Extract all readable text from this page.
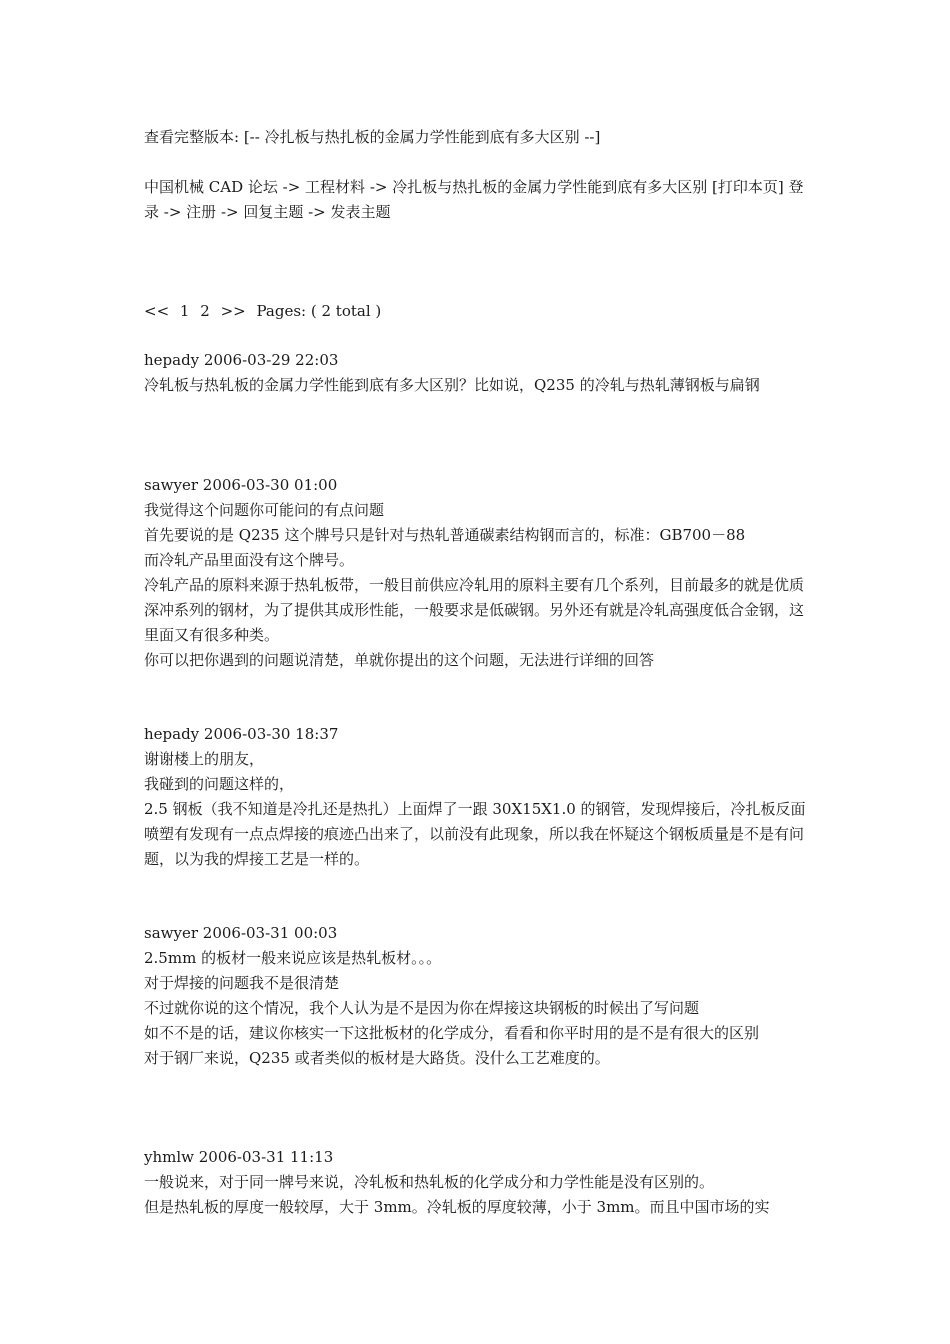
查看完整版本: [-- 冷扎板与热扎板的金属力学性能到底有多大区别 --]
中国机械 CAD 论坛 -> 工程材料 -> 冷扎板与热扎板的金属力学性能到底有多大区别 [打印本页] 登录 -> 注册 -> 回复主题 -> 发表主题
<< 1 2 >> Pages: ( 2 total )
hepady 2006-03-29 22:03
冷轧板与热轧板的金属力学性能到底有多大区别？比如说，Q235 的冷轧与热轧薄钢板与扁钢
sawyer 2006-03-30 01:00
我觉得这个问题你可能问的有点问题
首先要说的是 Q235 这个牌号只是针对与热轧普通碳素结构钢而言的，标准：GB700－88
而冷轧产品里面没有这个牌号。
冷轧产品的原料来源于热轧板带，一般目前供应冷轧用的原料主要有几个系列，目前最多的就是优质深冲系列的钢材，为了提供其成形性能，一般要求是低碳钢。另外还有就是冷轧高强度低合金钢，这里面又有很多种类。
你可以把你遇到的问题说清楚，单就你提出的这个问题，无法进行详细的回答
hepady 2006-03-30 18:37
谢谢楼上的朋友，
我碰到的问题这样的，
2.5 钢板（我不知道是冷扎还是热扎）上面焊了一跟 30X15X1.0 的钢管，发现焊接后，冷扎板反面喷塑有发现有一点点焊接的痕迹凸出来了，以前没有此现象，所以我在怀疑这个钢板质量是不是有问题，以为我的焊接工艺是一样的。
sawyer 2006-03-31 00:03
2.5mm 的板材一般来说应该是热轧板材。。。
对于焊接的问题我不是很清楚
不过就你说的这个情况，我个人认为是不是因为你在焊接这块钢板的时候出了写问题
如不不是的话，建议你核实一下这批板材的化学成分，看看和你平时用的是不是有很大的区别
对于钢厂来说，Q235 或者类似的板材是大路货。没什么工艺难度的。
yhmlw 2006-03-31 11:13
一般说来，对于同一牌号来说，冷轧板和热轧板的化学成分和力学性能是没有区别的。
但是热轧板的厚度一般较厚，大于 3mm。冷轧板的厚度较薄，小于 3mm。而且中国市场的实
